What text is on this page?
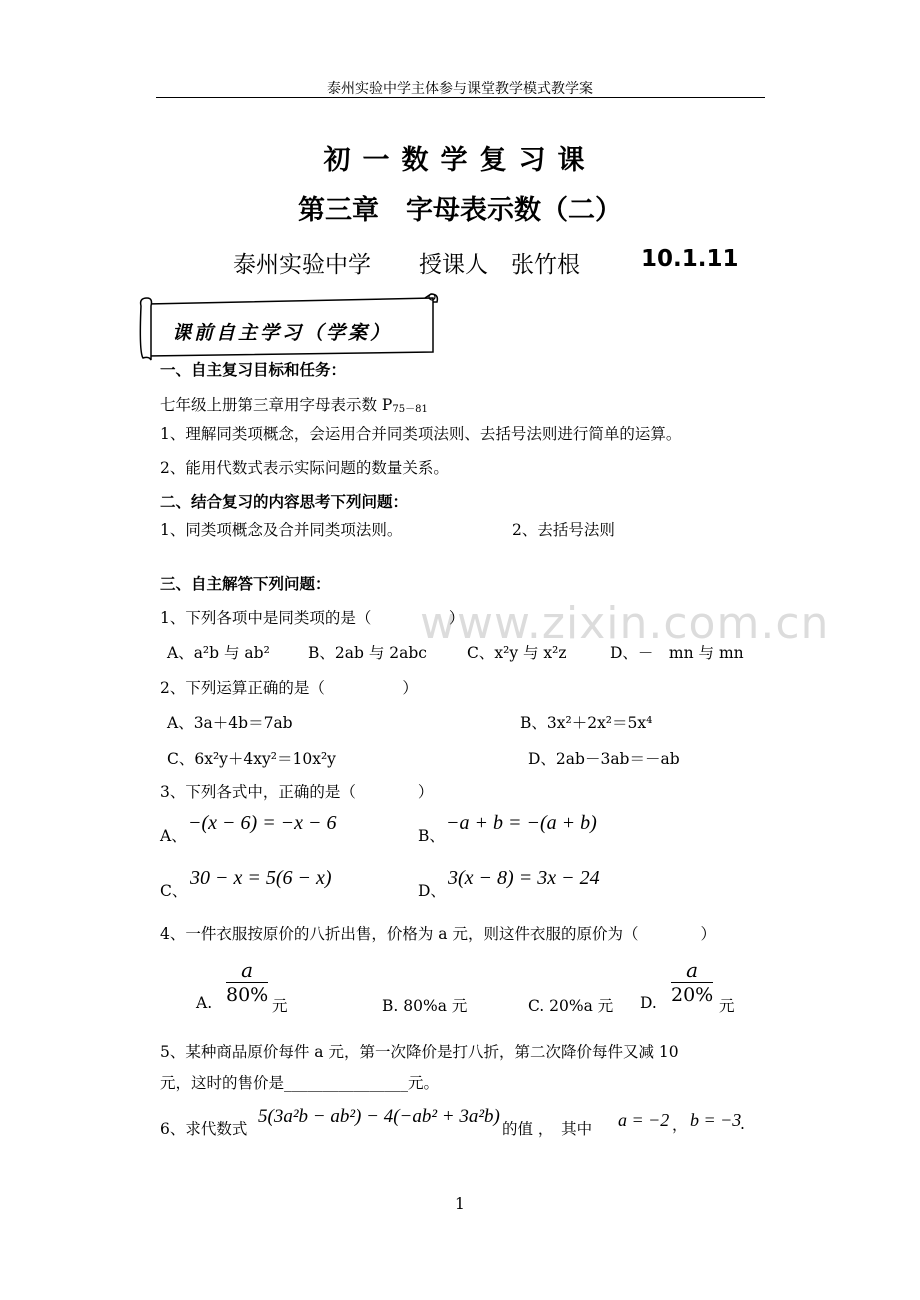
泰州实验中学主体参与课堂教学模式教学案
初一数学复习课
第三章　字母表示数（二）
泰州实验中学 授课人　张竹根	10.1.11
课前自主学习（学案）
一、自主复习目标和任务：
七年级上册第三章用字母表示数 $P_{75-81}$
1、理解同类项概念，会运用合并同类项法则、去括号法则进行简单的运算。
2、能用代数式表示实际问题的数量关系。
二、结合复习的内容思考下列问题：
1、同类项概念及合并同类项法则。	2、去括号法则
www.zixin.com.cn
三、自主解答下列问题：
1、下列各项中是同类项的是（　　　　　）
A、a²b 与 ab² B、2ab 与 2abc	C、x²y 与 x²z	D、－　mn 与 mn
2、下列运算正确的是（　　　　　）
A、3a＋4b＝7ab	B、3x²＋2x²＝5x⁴
C、6x²y＋4xy²＝10x²y	D、2ab－3ab＝－ab
3、下列各式中，正确的是（　　　　）
A、
−(x − 6) = −x − 6
B、
−a + b = −(a + b)
C、
30 − x = 5(6 − x)
D、
3(x − 8) = 3x − 24
4、一件衣服按原价的八折出售，价格为 a 元，则这件衣服的原价为（　　　　）
A.
a
80% 元	B. 80%a 元	C. 20%a 元 D.
a
20% 元
5、某种商品原价每件 a 元，第一次降价是打八折，第二次降价每件又减 10
元，这时的售价是________________元。
6、求代数式
5(3a²b − ab²) − 4(−ab² + 3a²b)
的值 ，　其中 a = −2 ， b = −3
.
1
